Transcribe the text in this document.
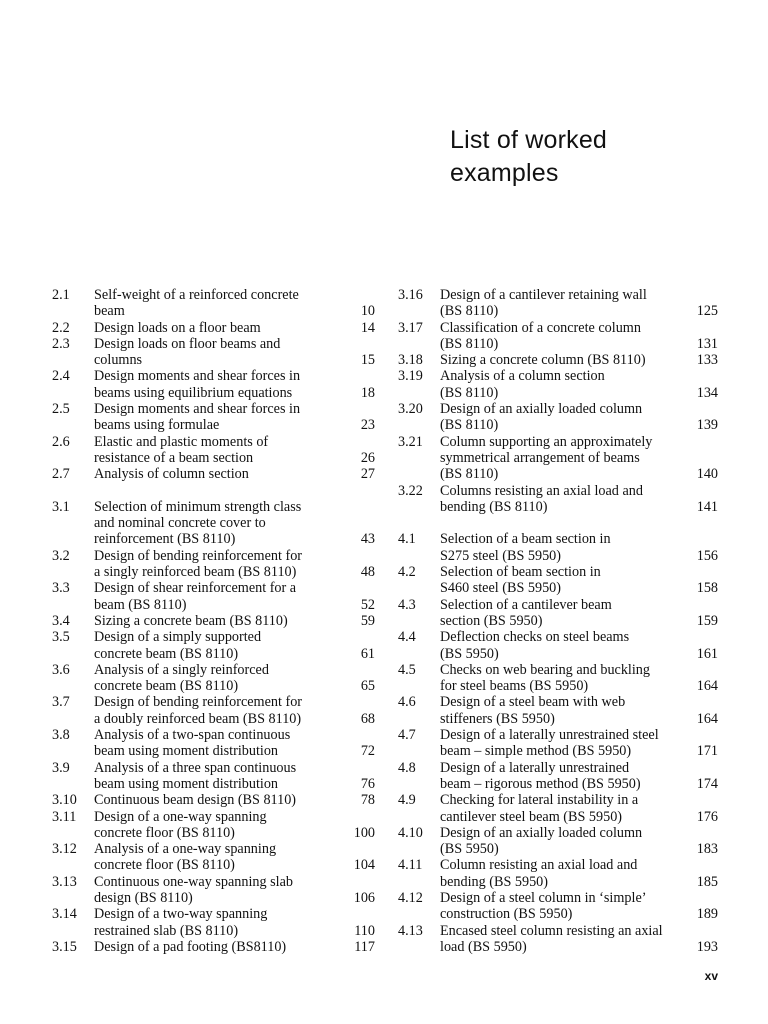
List of worked
examples
2.1 Self-weight of a reinforced concrete
beam	10
2.2 Design loads on a floor beam	14
2.3 Design loads on floor beams and
columns	15
2.4 Design moments and shear forces in
beams using equilibrium equations	18
2.5 Design moments and shear forces in
beams using formulae	23
2.6 Elastic and plastic moments of
resistance of a beam section	26
2.7 Analysis of column section	27
3.1 Selection of minimum strength class
and nominal concrete cover to
reinforcement (BS 8110)	43
3.2 Design of bending reinforcement for
a singly reinforced beam (BS 8110)	48
3.3 Design of shear reinforcement for a
beam (BS 8110)	52
3.4 Sizing a concrete beam (BS 8110)	59
3.5 Design of a simply supported
concrete beam (BS 8110)	61
3.6 Analysis of a singly reinforced
concrete beam (BS 8110)	65
3.7 Design of bending reinforcement for
a doubly reinforced beam (BS 8110)	68
3.8 Analysis of a two-span continuous
beam using moment distribution	72
3.9 Analysis of a three span continuous
beam using moment distribution	76
3.10 Continuous beam design (BS 8110)	78
3.11 Design of a one-way spanning
concrete floor (BS 8110)	100
3.12 Analysis of a one-way spanning
concrete floor (BS 8110)	104
3.13 Continuous one-way spanning slab
design (BS 8110)	106
3.14 Design of a two-way spanning
restrained slab (BS 8110)	110
3.15 Design of a pad footing (BS8110)	117
3.16 Design of a cantilever retaining wall
(BS 8110)	125
3.17 Classification of a concrete column
(BS 8110)	131
3.18 Sizing a concrete column (BS 8110)	133
3.19 Analysis of a column section
(BS 8110)	134
3.20 Design of an axially loaded column
(BS 8110)	139
3.21 Column supporting an approximately
symmetrical arrangement of beams
(BS 8110)	140
3.22 Columns resisting an axial load and
bending (BS 8110)	141
4.1 Selection of a beam section in
S275 steel (BS 5950)	156
4.2 Selection of beam section in
S460 steel (BS 5950)	158
4.3 Selection of a cantilever beam
section (BS 5950)	159
4.4 Deflection checks on steel beams
(BS 5950)	161
4.5 Checks on web bearing and buckling
for steel beams (BS 5950)	164
4.6 Design of a steel beam with web
stiffeners (BS 5950)	164
4.7 Design of a laterally unrestrained steel
beam – simple method (BS 5950)	171
4.8 Design of a laterally unrestrained
beam – rigorous method (BS 5950)	174
4.9 Checking for lateral instability in a
cantilever steel beam (BS 5950)	176
4.10 Design of an axially loaded column
(BS 5950)	183
4.11 Column resisting an axial load and
bending (BS 5950)	185
4.12 Design of a steel column in ‘simple’
construction (BS 5950)	189
4.13 Encased steel column resisting an axial
load (BS 5950)	193
xv
